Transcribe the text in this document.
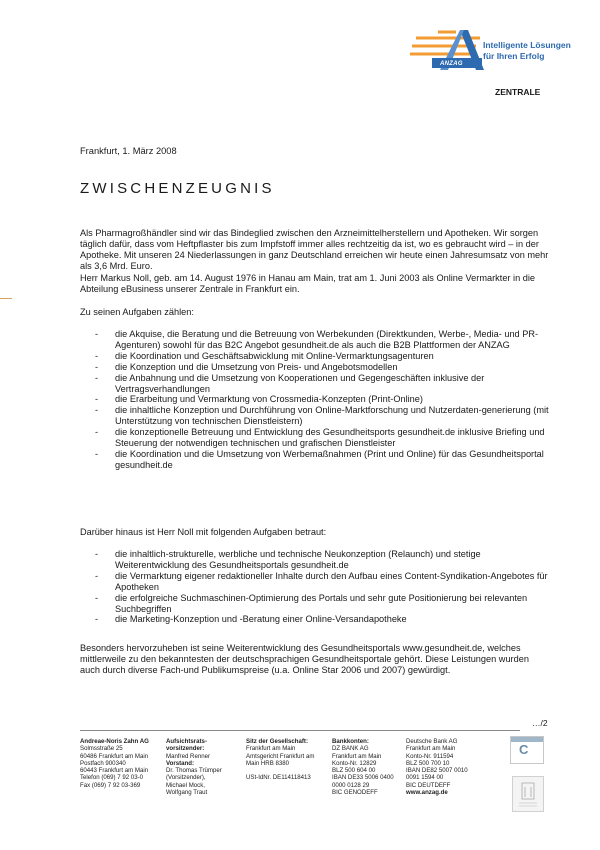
ANZAG
Intelligente Lösungen
für Ihren Erfolg
ZENTRALE
Frankfurt, 1. März 2008
ZWISCHENZEUGNIS

Als Pharmagroßhändler sind wir das Bindeglied zwischen den Arzneimittelherstellern und Apotheken. Wir sorgen täglich dafür, dass vom Heftpflaster bis zum Impfstoff immer alles rechtzeitig da ist, wo es gebraucht wird – in der Apotheke. Mit unseren 24 Niederlassungen in ganz Deutschland erreichen wir heute einen Jahresumsatz von mehr als 3,6 Mrd. Euro.

Herr Markus Noll, geb. am 14. August 1976 in Hanau am Main, trat am 1. Juni 2003 als Online Vermarkter in die Abteilung eBusiness unserer Zentrale in Frankfurt ein.

Zu seinen Aufgaben zählen:

- die Akquise, die Beratung und die Betreuung von Werbekunden (Direktkunden, Werbe-, Media- und PR-Agenturen) sowohl für das B2C Angebot gesundheit.de als auch die B2B Plattformen der ANZAG
- die Koordination und Geschäftsabwicklung mit Online-Vermarktungsagenturen
- die Konzeption und die Umsetzung von Preis- und Angebotsmodellen
- die Anbahnung und die Umsetzung von Kooperationen und Gegengeschäften inklusive der Vertragsverhandlungen
- die Erarbeitung und Vermarktung von Crossmedia-Konzepten (Print-Online)
- die inhaltliche Konzeption und Durchführung von Online-Marktforschung und Nutzerdaten-generierung (mit Unterstützung von technischen Dienstleistern)
- die konzeptionelle Betreuung und Entwicklung des Gesundheitsports gesundheit.de inklusive Briefing und Steuerung der notwendigen technischen und grafischen Dienstleister
- die Koordination und die Umsetzung von Werbemaßnahmen (Print und Online) für das Gesundheitsportal gesundheit.de

Darüber hinaus ist Herr Noll mit folgenden Aufgaben betraut:

- die inhaltlich-strukturelle, werbliche und technische Neukonzeption (Relaunch) und stetige Weiterentwicklung des Gesundheitsportals gesundheit.de
- die Vermarktung eigener redaktioneller Inhalte durch den Aufbau eines Content-Syndikation-Angebotes für Apotheken
- die erfolgreiche Suchmaschinen-Optimierung des Portals und sehr gute Positionierung bei relevanten Suchbegriffen
- die Marketing-Konzeption und -Beratung einer Online-Versandapotheke

Besonders hervorzuheben ist seine Weiterentwicklung des Gesundheitsportals www.gesundheit.de, welches mittlerweile zu den bekanntesten der deutschsprachigen Gesundheitsportale gehört. Diese Leistungen wurden auch durch diverse Fach-und Publikumspreise (u.a. Online Star 2006 und 2007) gewürdigt.

…/2
Andreae-Noris Zahn AG
Solmsstraße 25
60486 Frankfurt am Main
Postfach 900340
60443 Frankfurt am Main
Telefon (069) 7 92 03-0
Fax (069) 7 92 03-369
Aufsichtsrats-
vorsitzender:
Manfred Renner
Vorstand:
Dr. Thomas Trümper
(Vorsitzender),
Michael Mock,
Wolfgang Traut
Sitz der Gesellschaft:
Frankfurt am Main
Amtsgericht Frankfurt am
Main HRB 8380

USt-IdNr. DE114118413
Bankkonten:
DZ BANK AG
Frankfurt am Main
Konto-Nr. 12829
BLZ 500 604 00
IBAN DE33 5006 0400
0000 0128 29
BIC GENODEFF
Deutsche Bank AG
Frankfurt am Main
Konto-Nr. 911594
BLZ 500 700 10
IBAN DE82 5007 0010
0091 1594 00
BIC DEUTDEFF
www.anzag.de
C
